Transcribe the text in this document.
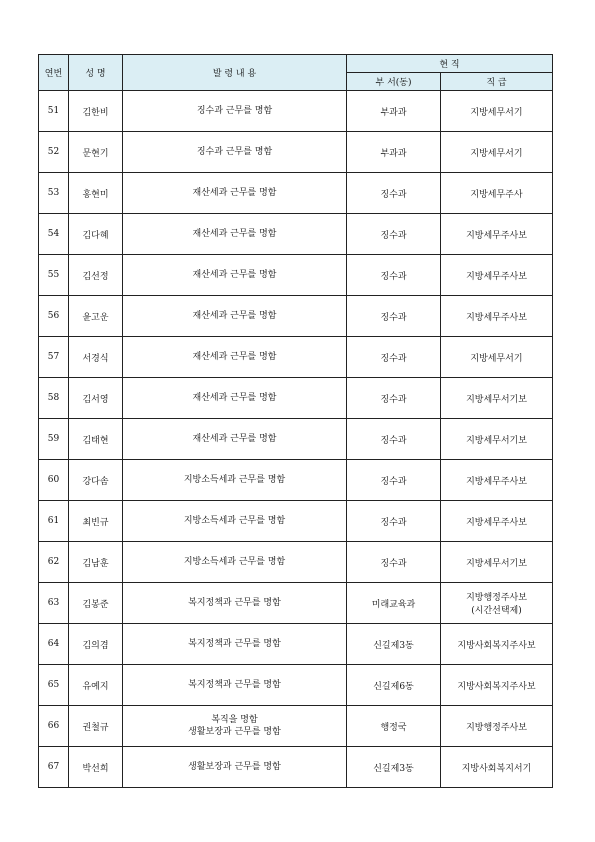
연번	성 명	발 령 내 용	현 직	
			부 서(동)	직 급
51	김한비	징수과 근무를 명함	부과과	지방세무서기

52	문현기	징수과 근무를 명함	부과과	지방세무서기

53	홍현미	재산세과 근무를 명함	징수과	지방세무주사

54	김다혜	재산세과 근무를 명함	징수과	지방세무주사보

55	김선정	재산세과 근무를 명함	징수과	지방세무주사보

56	윤고운	재산세과 근무를 명함	징수과	지방세무주사보

57	서경식	재산세과 근무를 명함	징수과	지방세무서기

58	김서영	재산세과 근무를 명함	징수과	지방세무서기보

59	김태현	재산세과 근무를 명함	징수과	지방세무서기보

60	강다솜	지방소득세과 근무를 명함	징수과	지방세무주사보

61	최빈규	지방소득세과 근무를 명함	징수과	지방세무주사보

62	김남훈	지방소득세과 근무를 명함	징수과	지방세무서기보

63	김봉준	복지정책과 근무를 명함	미래교육과	지방행정주사보
(시간선택제)

64	김의겸	복지정책과 근무를 명함	신길제3동	지방사회복지주사보

65	유예지	복지정책과 근무를 명함	신길제6동	지방사회복지주사보

66	권철규	복직을 명함
생활보장과 근무를 명함	행정국	지방행정주사보

67	박선희	생활보장과 근무를 명함	신길제3동	지방사회복지서기
